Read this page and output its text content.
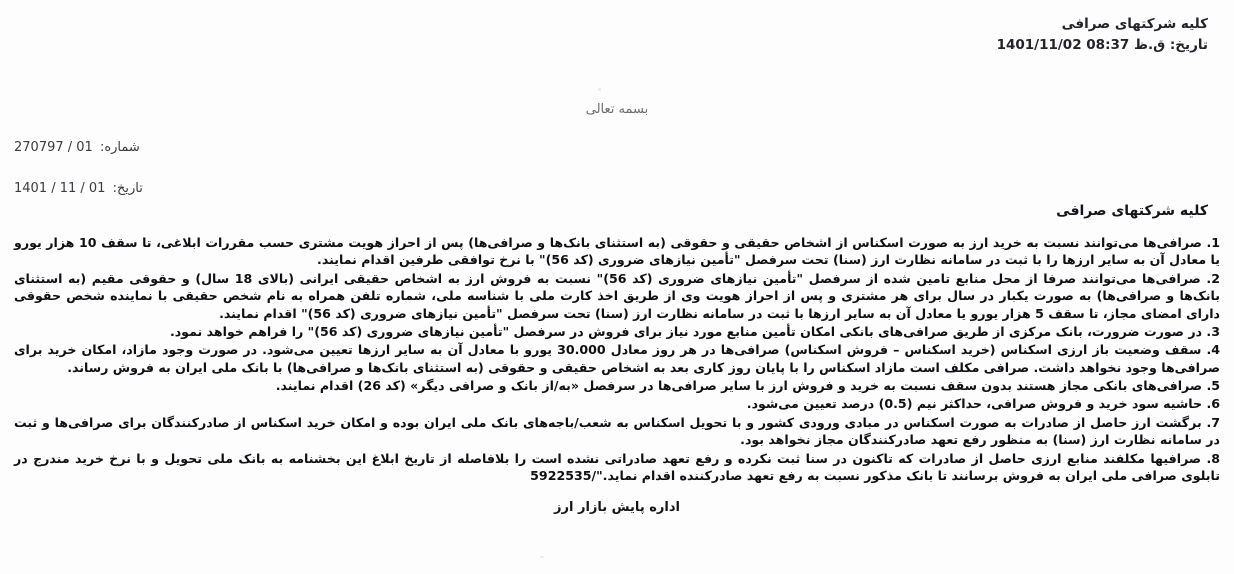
کلیه شرکتهای صرافی
تاریخ: ق.ظ 1401/11/02 08:37
بسمه تعالی
شماره: 270797 / 01
تاریخ: 1401 / 11 / 01
کلیه شرکتهای صرافی

1. صرافی‌ها می‌توانند نسبت به خرید ارز به صورت اسکناس از اشخاص حقیقی و حقوقی (به استثنای بانک‌ها و صرافی‌ها) پس از احراز هویت مشتری حسب مقررات ابلاغی، تا سقف 10 هزار یورو یا معادل آن به سایر ارزها را با ثبت در سامانه نظارت ارز (سنا) تحت سرفصل "تأمین نیازهای ضروری (کد 56)" با نرخ توافقی طرفین اقدام نمایند.

2. صرافی‌ها می‌توانند صرفا از محل منابع تامین شده از سرفصل "تأمین نیازهای ضروری (کد 56)" نسبت به فروش ارز به اشخاص حقیقی ایرانی (بالای 18 سال) و حقوقی مقیم (به استثنای بانک‌ها و صرافی‌ها) به صورت یکبار در سال برای هر مشتری و پس از احراز هویت وی از طریق اخذ کارت ملی با شناسه ملی، شماره تلفن همراه به نام شخص حقیقی با نماینده شخص حقوقی دارای امضای مجاز، تا سقف 5 هزار یورو یا معادل آن به سایر ارزها با ثبت در سامانه نظارت ارز (سنا) تحت سرفصل "تأمین نیازهای ضروری (کد 56)" اقدام نمایند.

3. در صورت ضرورت، بانک مرکزی از طریق صرافی‌های بانکی امکان تأمین منابع مورد نیاز برای فروش در سرفصل "تأمین نیازهای ضروری (کد 56)" را فراهم خواهد نمود.

4. سقف وضعیت باز ارزی اسکناس (خرید اسکناس – فروش اسکناس) صرافی‌ها در هر روز معادل 30.000 یورو با معادل آن به سایر ارزها تعیین می‌شود. در صورت وجود مازاد، امکان خرید برای صرافی‌ها وجود نخواهد داشت. صرافی مکلف است مازاد اسکناس را با پایان روز کاری بعد به اشخاص حقیقی و حقوقی (به استثنای بانک‌ها و صرافی‌ها) با بانک ملی ایران به فروش رساند.

5. صرافی‌های بانکی مجاز هستند بدون سقف نسبت به خرید و فروش ارز با سایر صرافی‌ها در سرفصل «به/از بانک و صرافی دیگر» (کد 26) اقدام نمایند.

6. حاشیه سود خرید و فروش صرافی، حداکثر نیم (0.5) درصد تعیین می‌شود.

7. برگشت ارز حاصل از صادرات به صورت اسکناس در مبادی ورودی کشور و با تحویل اسکناس به شعب/باجه‌های بانک ملی ایران بوده و امکان خرید اسکناس از صادرکنندگان برای صرافی‌ها و ثبت در سامانه نظارت ارز (سنا) به منظور رفع تعهد صادرکنندگان مجاز نخواهد بود.

8. صرافیها مکلفند منابع ارزی حاصل از صادرات که تاکنون در سنا ثبت نکرده و رفع تعهد صادراتی نشده است را بلافاصله از تاریخ ابلاغ این بخشنامه به بانک ملی تحویل و با نرخ خرید مندرج در تابلوی صرافی ملی ایران به فروش برسانند تا بانک مذکور نسبت به رفع تعهد صادرکننده اقدام نماید."/5922535

اداره پایش بازار ارز
